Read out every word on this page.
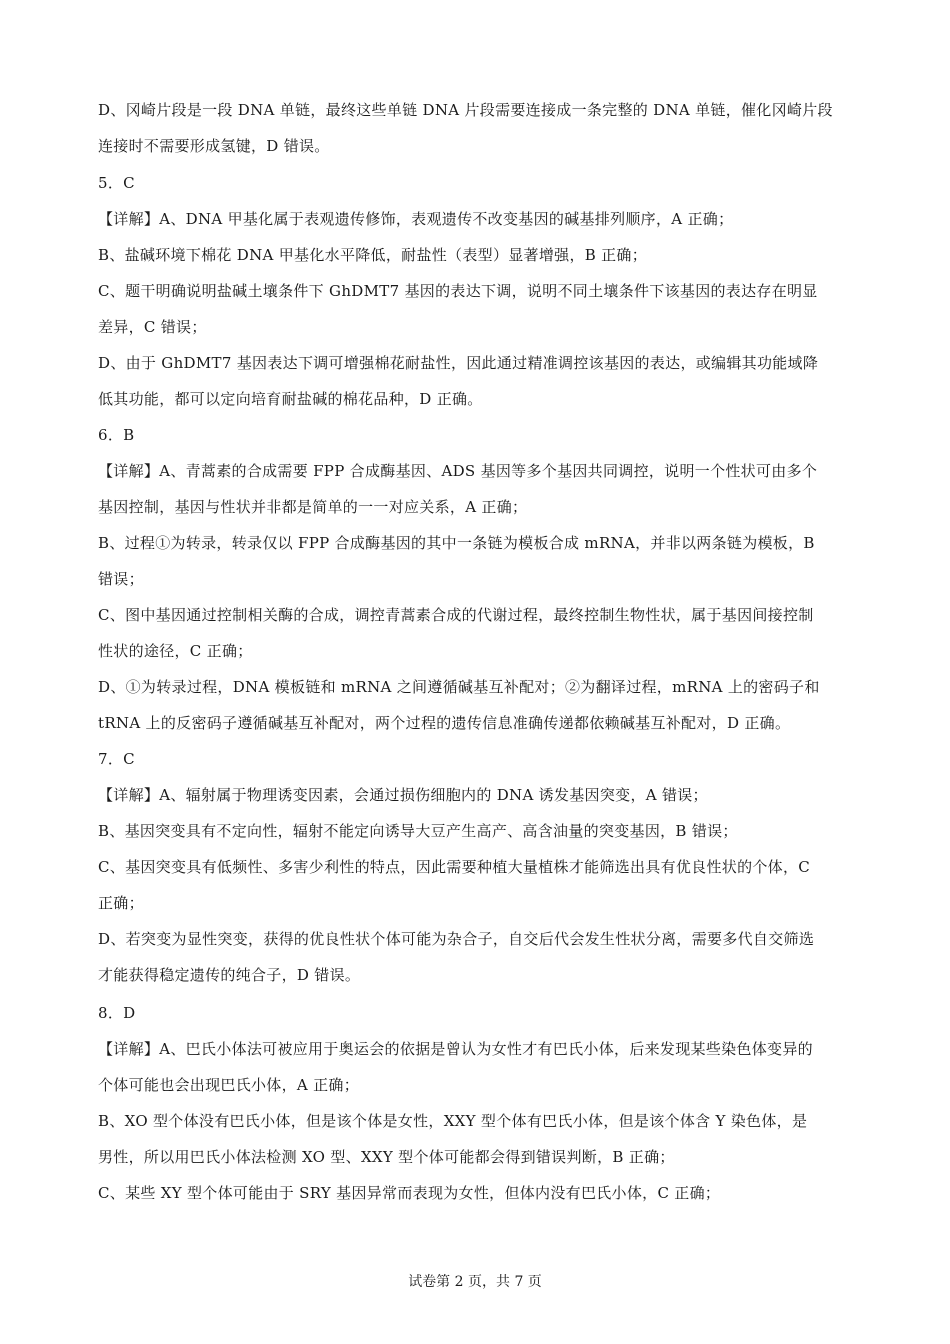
D、冈崎片段是一段 DNA 单链，最终这些单链 DNA 片段需要连接成一条完整的 DNA 单链，催化冈崎片段
连接时不需要形成氢键，D 错误。
5．C
【详解】A、DNA 甲基化属于表观遗传修饰，表观遗传不改变基因的碱基排列顺序，A 正确；
B、盐碱环境下棉花 DNA 甲基化水平降低，耐盐性（表型）显著增强，B 正确；
C、题干明确说明盐碱土壤条件下 GhDMT7 基因的表达下调，说明不同土壤条件下该基因的表达存在明显
差异，C 错误；
D、由于 GhDMT7 基因表达下调可增强棉花耐盐性，因此通过精准调控该基因的表达，或编辑其功能域降
低其功能，都可以定向培育耐盐碱的棉花品种，D 正确。
6．B
【详解】A、青蒿素的合成需要 FPP 合成酶基因、ADS 基因等多个基因共同调控，说明一个性状可由多个
基因控制，基因与性状并非都是简单的一一对应关系，A 正确；
B、过程①为转录，转录仅以 FPP 合成酶基因的其中一条链为模板合成 mRNA，并非以两条链为模板，B
错误；
C、图中基因通过控制相关酶的合成，调控青蒿素合成的代谢过程，最终控制生物性状，属于基因间接控制
性状的途径，C 正确；
D、①为转录过程，DNA 模板链和 mRNA 之间遵循碱基互补配对；②为翻译过程，mRNA 上的密码子和
tRNA 上的反密码子遵循碱基互补配对，两个过程的遗传信息准确传递都依赖碱基互补配对，D 正确。
7．C
【详解】A、辐射属于物理诱变因素，会通过损伤细胞内的 DNA 诱发基因突变，A 错误；
B、基因突变具有不定向性，辐射不能定向诱导大豆产生高产、高含油量的突变基因，B 错误；
C、基因突变具有低频性、多害少利性的特点，因此需要种植大量植株才能筛选出具有优良性状的个体，C
正确；
D、若突变为显性突变，获得的优良性状个体可能为杂合子，自交后代会发生性状分离，需要多代自交筛选
才能获得稳定遗传的纯合子，D 错误。
8．D
【详解】A、巴氏小体法可被应用于奥运会的依据是曾认为女性才有巴氏小体，后来发现某些染色体变异的
个体可能也会出现巴氏小体，A 正确；
B、XO 型个体没有巴氏小体，但是该个体是女性，XXY 型个体有巴氏小体，但是该个体含 Y 染色体，是
男性，所以用巴氏小体法检测 XO 型、XXY 型个体可能都会得到错误判断，B 正确；
C、某些 XY 型个体可能由于 SRY 基因异常而表现为女性，但体内没有巴氏小体，C 正确；
试卷第 2 页，共 7 页
